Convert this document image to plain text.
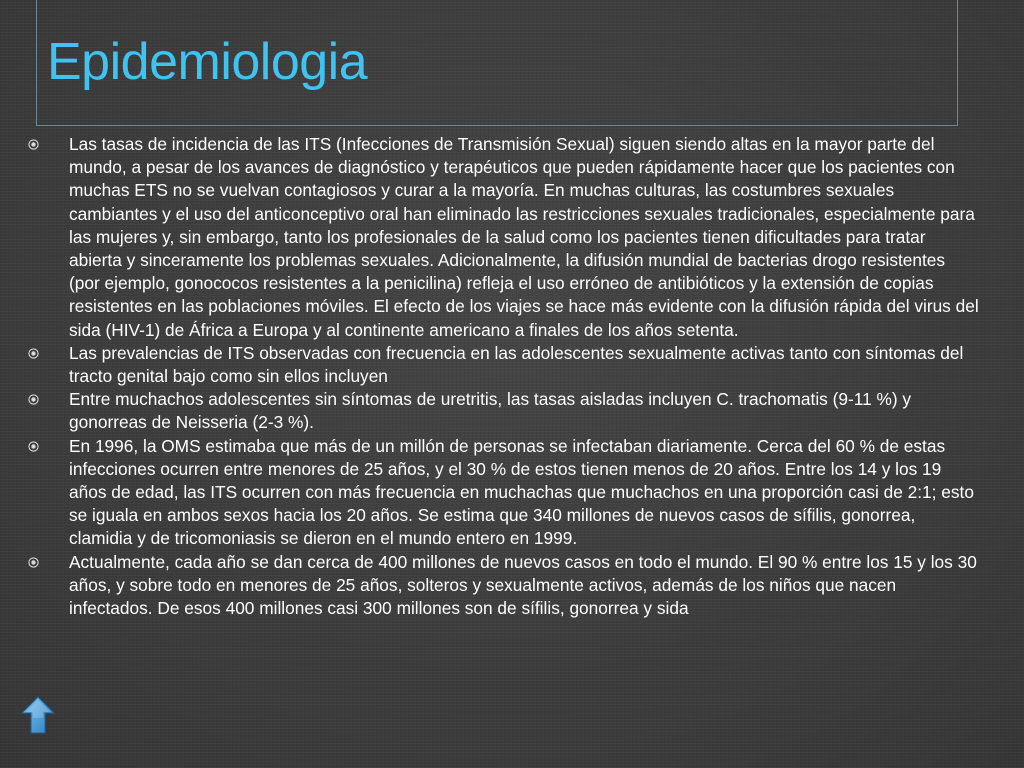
Epidemiologia
Las tasas de incidencia de las ITS (Infecciones de Transmisión Sexual) siguen siendo altas en la mayor parte del mundo, a pesar de los avances de diagnóstico y terapéuticos que pueden rápidamente hacer que los pacientes con muchas ETS no se vuelvan contagiosos y curar a la mayoría. En muchas culturas, las costumbres sexuales cambiantes y el uso del anticonceptivo oral han eliminado las restricciones sexuales tradicionales, especialmente para las mujeres y, sin embargo, tanto los profesionales de la salud como los pacientes tienen dificultades para tratar abierta y sinceramente los problemas sexuales. Adicionalmente, la difusión mundial de bacterias drogo resistentes (por ejemplo, gonococos resistentes a la penicilina) refleja el uso erróneo de antibióticos y la extensión de copias resistentes en las poblaciones móviles. El efecto de los viajes se hace más evidente con la difusión rápida del virus del sida (HIV-1) de África a Europa y al continente americano a finales de los años setenta.
Las prevalencias de ITS observadas con frecuencia en las adolescentes sexualmente activas tanto con síntomas del tracto genital bajo como sin ellos incluyen
Entre muchachos adolescentes sin síntomas de uretritis, las tasas aisladas incluyen C. trachomatis (9-11 %) y gonorreas de Neisseria (2-3 %).
En 1996, la OMS estimaba que más de un millón de personas se infectaban diariamente. Cerca del 60 % de estas infecciones ocurren entre menores de 25 años, y el 30 % de estos tienen menos de 20 años. Entre los 14 y los 19 años de edad, las ITS ocurren con más frecuencia en muchachas que muchachos en una proporción casi de 2:1; esto se iguala en ambos sexos hacia los 20 años. Se estima que 340 millones de nuevos casos de sífilis, gonorrea, clamidia y de tricomoniasis se dieron en el mundo entero en 1999.
Actualmente, cada año se dan cerca de 400 millones de nuevos casos en todo el mundo. El 90 % entre los 15 y los 30 años, y sobre todo en menores de 25 años, solteros y sexualmente activos, además de los niños que nacen infectados. De esos 400 millones casi 300 millones son de sífilis, gonorrea y sida
